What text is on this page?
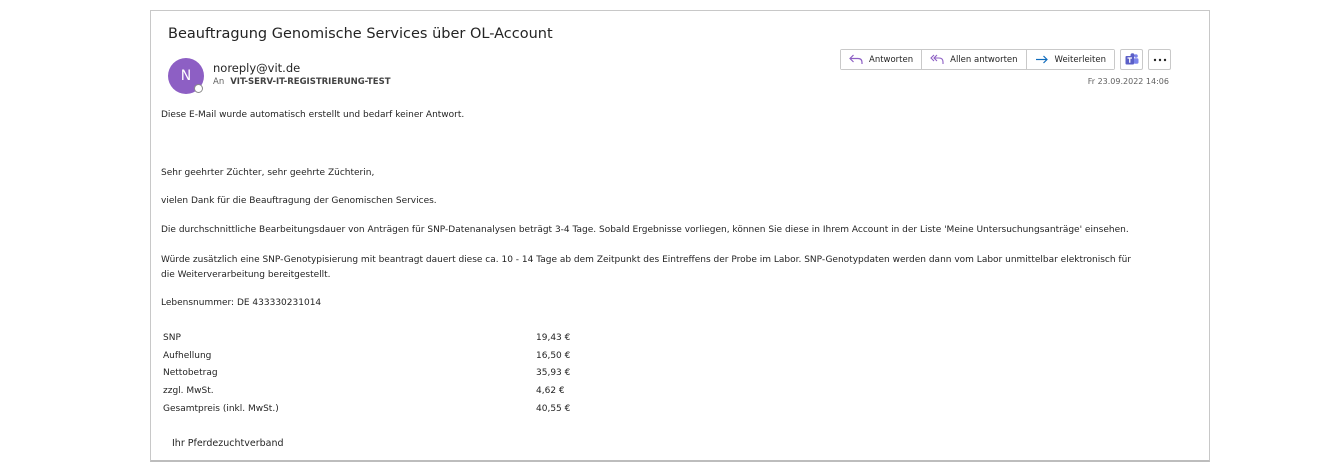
Beauftragung Genomische Services über OL-Account
N noreply@vit.de
An VIT-SERV-IT-REGISTRIERUNG-TEST
Antworten	Allen antworten	Weiterleiten
Fr 23.09.2022 14:06
Diese E-Mail wurde automatisch erstellt und bedarf keiner Antwort.
Sehr geehrter Züchter, sehr geehrte Züchterin,
vielen Dank für die Beauftragung der Genomischen Services.
Die durchschnittliche Bearbeitungsdauer von Anträgen für SNP-Datenanalysen beträgt 3-4 Tage. Sobald Ergebnisse vorliegen, können Sie diese in Ihrem Account in der Liste 'Meine Untersuchungsanträge' einsehen.
Würde zusätzlich eine SNP-Genotypisierung mit beantragt dauert diese ca. 10 - 14 Tage ab dem Zeitpunkt des Eintreffens der Probe im Labor. SNP-Genotypdaten werden dann vom Labor unmittelbar elektronisch für
die Weiterverarbeitung bereitgestellt.
Lebensnummer: DE 433330231014
SNP	19,43 €
Aufhellung	16,50 €
Nettobetrag	35,93 €
zzgl. MwSt.	4,62 €
Gesamtpreis (inkl. MwSt.)	40,55 €
Ihr Pferdezuchtverband
